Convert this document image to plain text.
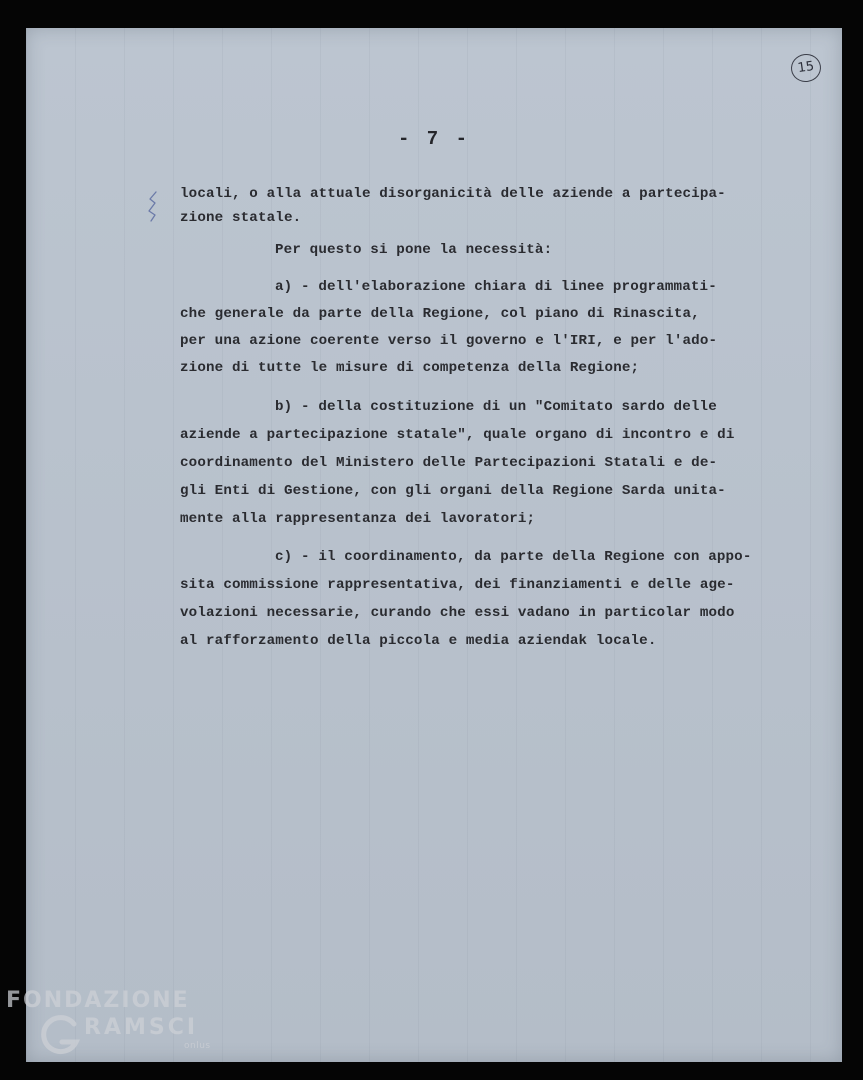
15
- 7 -

locali, o alla attuale disorganicità delle aziende a partecipa-

zione statale.

Per questo si pone la necessità:

a) - dell'elaborazione chiara di linee programmati-

che generale da parte della Regione, col piano di Rinascita,

per una azione coerente verso il governo e l'IRI, e per l'ado-

zione di tutte le misure di competenza della Regione;

b) - della costituzione di un "Comitato sardo delle

aziende a partecipazione statale", quale organo di incontro e di

coordinamento del Ministero delle Partecipazioni Statali e de-

gli Enti di Gestione, con gli organi della Regione Sarda unita-

mente alla rappresentanza dei lavoratori;

c) - il coordinamento, da parte della Regione con appo-

sita commissione rappresentativa, dei finanziamenti e delle age-

volazioni necessarie, curando che essi vadano in particolar modo

al rafforzamento della piccola e media aziendak locale.

FONDAZIONE
RAMSCI
onlus
